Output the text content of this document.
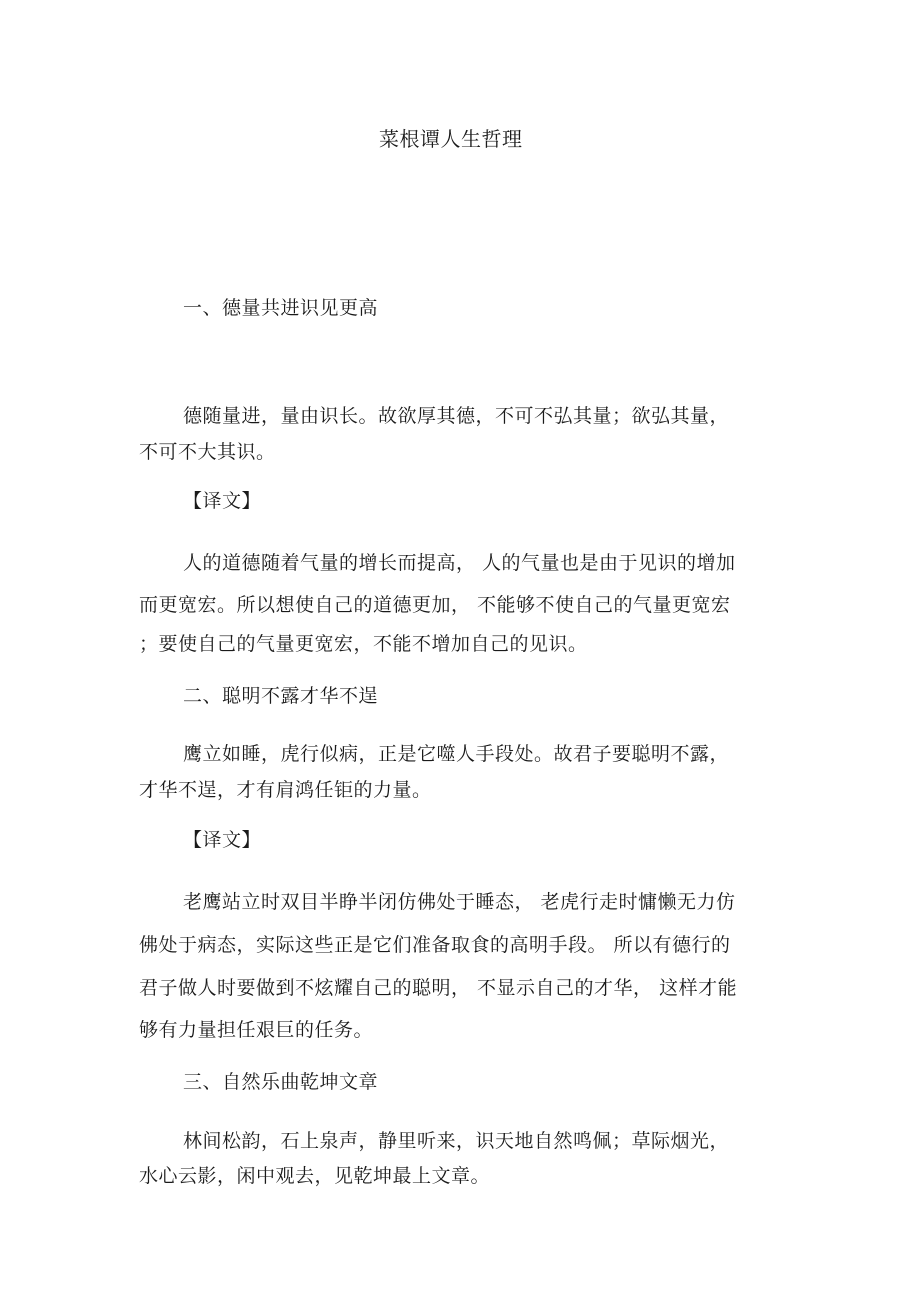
菜根谭人生哲理
一、德量共进识见更高
德随量进，量由识长。故欲厚其德，不可不弘其量；欲弘其量，
不可不大其识。
【译文】
人的道德随着气量的增长而提高， 人的气量也是由于见识的增加
而更宽宏。所以想使自己的道德更加， 不能够不使自己的气量更宽宏
；要使自己的气量更宽宏，不能不增加自己的见识。
二、聪明不露才华不逞
鹰立如睡，虎行似病，正是它噬人手段处。故君子要聪明不露，
才华不逞，才有肩鸿任钜的力量。
【译文】
老鹰站立时双目半睁半闭仿佛处于睡态， 老虎行走时慵懒无力仿
佛处于病态，实际这些正是它们准备取食的高明手段。 所以有德行的
君子做人时要做到不炫耀自己的聪明， 不显示自己的才华， 这样才能
够有力量担任艰巨的任务。
三、自然乐曲乾坤文章
林间松韵，石上泉声，静里听来，识天地自然鸣佩；草际烟光，
水心云影，闲中观去，见乾坤最上文章。
